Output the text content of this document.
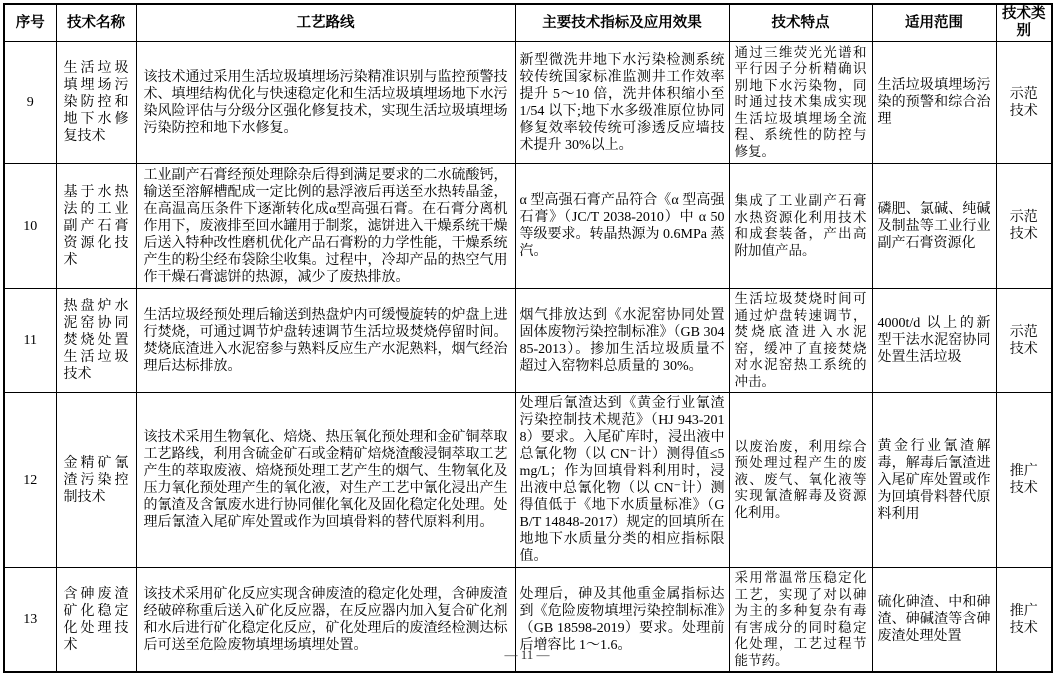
序号	技术名称	工艺路线	主要技术指标及应用效果	技术特点	适用范围	技术类别
9	生活垃圾填埋场污染防控和地下水修复技术	该技术通过采用生活垃圾填埋场污染精准识别与监控预警技术、填埋结构优化与快速稳定化和生活垃圾填埋场地下水污染风险评估与分级分区强化修复技术，实现生活垃圾填埋场污染防控和地下水修复。	新型微洗井地下水污染检测系统较传统国家标准监测井工作效率提升 5～10 倍，洗井体积缩小至 1/54 以下;地下水多级准原位协同修复效率较传统可渗透反应墙技术提升 30%以上。	通过三维荧光光谱和平行因子分析精确识别地下水污染物，同时通过技术集成实现生活垃圾填埋场全流程、系统性的防控与修复。	生活垃圾填埋场污染的预警和综合治理	示范技术
10	基于水热法的工业副产石膏资源化技术	工业副产石膏经预处理除杂后得到满足要求的二水硫酸钙，输送至溶解槽配成一定比例的悬浮液后再送至水热转晶釜，在高温高压条件下逐渐转化成α型高强石膏。在石膏分离机作用下，废液排至回水罐用于制浆，滤饼进入干燥系统干燥后送入特种改性磨机优化产品石膏粉的力学性能，干燥系统产生的粉尘经布袋除尘收集。过程中，冷却产品的热空气用作干燥石膏滤饼的热源，减少了废热排放。	α 型高强石膏产品符合《α 型高强石膏》（JC/T 2038-2010）中 α 50 等级要求。转晶热源为 0.6MPa 蒸汽。	集成了工业副产石膏水热资源化利用技术和成套装备，产出高附加值产品。	磷肥、氯碱、纯碱及制盐等工业行业副产石膏资源化	示范技术
11	热盘炉水泥窑协同焚烧处置生活垃圾技术	生活垃圾经预处理后输送到热盘炉内可缓慢旋转的炉盘上进行焚烧，可通过调节炉盘转速调节生活垃圾焚烧停留时间。焚烧底渣进入水泥窑参与熟料反应生产水泥熟料，烟气经治理后达标排放。	烟气排放达到《水泥窑协同处置固体废物污染控制标准》（GB 30485-2013）。掺加生活垃圾质量不超过入窑物料总质量的 30%。	生活垃圾焚烧时间可通过炉盘转速调节，焚烧底渣进入水泥窑，缓冲了直接焚烧对水泥窑热工系统的冲击。	4000t/d 以上的新型干法水泥窑协同处置生活垃圾	示范技术
12	金精矿氰渣污染控制技术	该技术采用生物氧化、焙烧、热压氧化预处理和金矿铜萃取工艺路线，利用含硫金矿石或金精矿焙烧渣酸浸铜萃取工艺产生的萃取废液、焙烧预处理工艺产生的烟气、生物氧化及压力氧化预处理产生的氧化液，对生产工艺中氰化浸出产生的氰渣及含氰废水进行协同催化氧化及固化稳定化处理。处理后氰渣入尾矿库处置或作为回填骨料的替代原料利用。	处理后氰渣达到《黄金行业氰渣污染控制技术规范》（HJ 943-2018）要求。入尾矿库时，浸出液中总氰化物（以 CN⁻计）测得值≤5mg/L；作为回填骨料利用时，浸出液中总氰化物（以 CN⁻计）测得值低于《地下水质量标准》（GB/T 14848-2017）规定的回填所在地地下水质量分类的相应指标限值。	以废治废，利用综合预处理过程产生的废液、废气、氧化液等实现氰渣解毒及资源化利用。	黄金行业氰渣解毒，解毒后氰渣进入尾矿库处置或作为回填骨料替代原料利用	推广技术
13	含砷废渣矿化稳定化处理技术	该技术采用矿化反应实现含砷废渣的稳定化处理，含砷废渣经破碎称重后送入矿化反应器，在反应器内加入复合矿化剂和水后进行矿化稳定化反应，矿化处理后的废渣经检测达标后可送至危险废物填埋场填埋处置。	处理后，砷及其他重金属指标达到《危险废物填埋污染控制标准》（GB 18598-2019）要求。处理前后增容比 1～1.6。	采用常温常压稳定化工艺，实现了对以砷为主的多种复杂有毒有害成分的同时稳定化处理，工艺过程节能节药。	硫化砷渣、中和砷渣、砷碱渣等含砷废渣处理处置	推广技术
— 11 —
